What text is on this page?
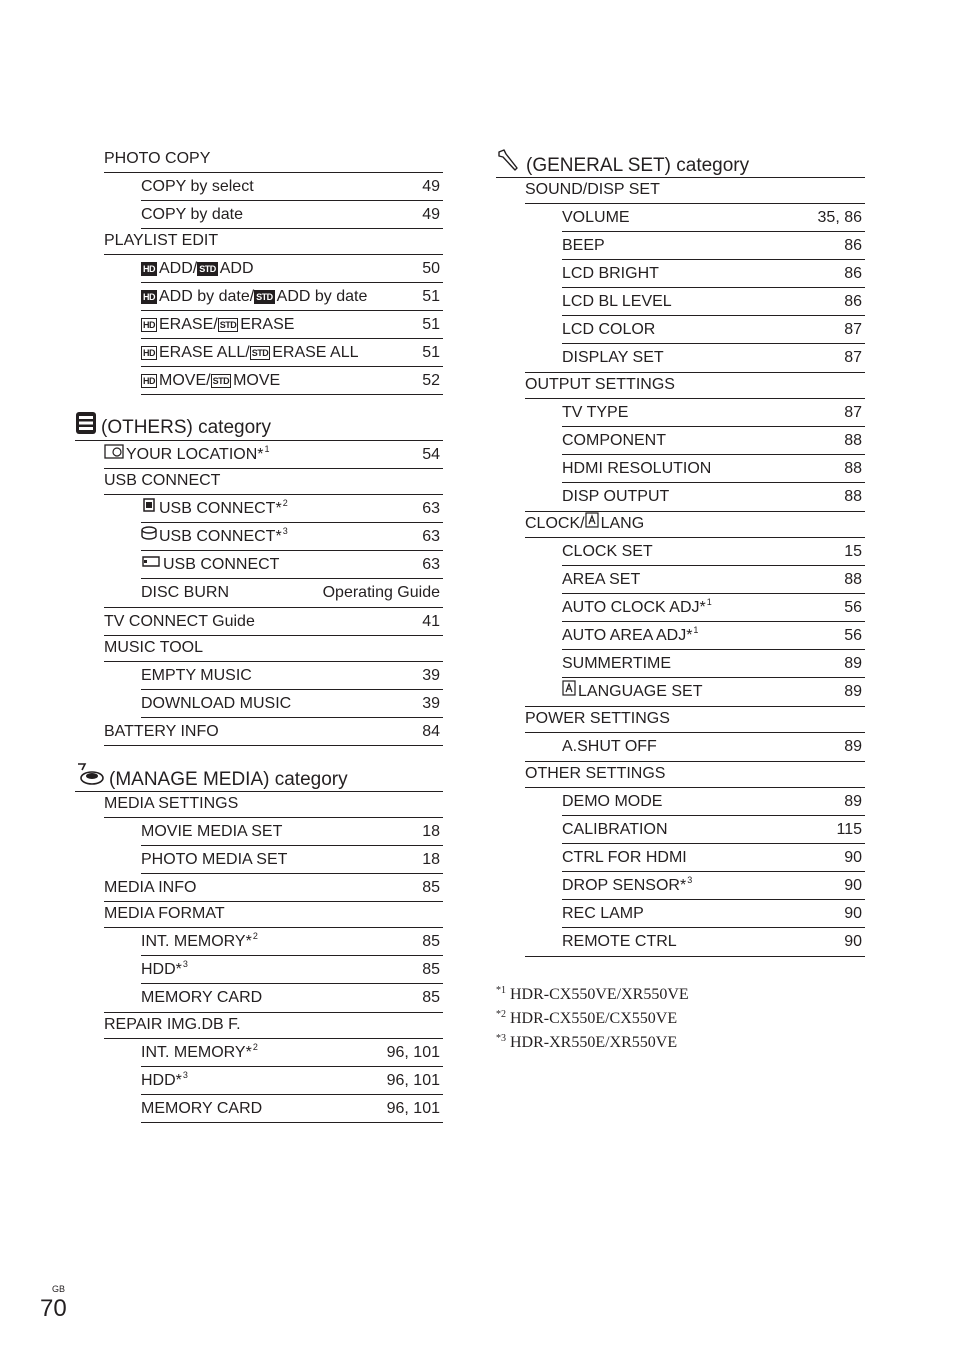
PHOTO COPY
COPY by select	49
COPY by date	49
PLAYLIST EDIT
HD ADD/ STD ADD	50
HD ADD by date/ STD ADD by date	51
HD ERASE/ STD ERASE	51
HD ERASE ALL/ STD ERASE ALL	51
HD MOVE/ STD MOVE	52
(OTHERS) category
YOUR LOCATION*$^1$	54
USB CONNECT
USB CONNECT*$^2$	63
USB CONNECT*$^3$	63
USB CONNECT	63
DISC BURN	Operating Guide
TV CONNECT Guide	41
MUSIC TOOL
EMPTY MUSIC	39
DOWNLOAD MUSIC	39
BATTERY INFO	84
(MANAGE MEDIA) category
MEDIA SETTINGS
MOVIE MEDIA SET	18
PHOTO MEDIA SET	18
MEDIA INFO	85
MEDIA FORMAT
INT. MEMORY*$^2$	85
HDD*$^3$	85
MEMORY CARD	85
REPAIR IMG.DB F.
INT. MEMORY*$^2$	96, 101
HDD*$^3$	96, 101
MEMORY CARD	96, 101
(GENERAL SET) category
SOUND/DISP SET
VOLUME	35, 86
BEEP	86
LCD BRIGHT	86
LCD BL LEVEL	86
LCD COLOR	87
DISPLAY SET	87
OUTPUT SETTINGS
TV TYPE	87
COMPONENT	88
HDMI RESOLUTION	88
DISP OUTPUT	88
CLOCK/ LANG
CLOCK SET	15
AREA SET	88
AUTO CLOCK ADJ*$^1$	56
AUTO AREA ADJ*$^1$	56
SUMMERTIME	89
LANGUAGE SET	89
POWER SETTINGS
A.SHUT OFF	89
OTHER SETTINGS
DEMO MODE	89
CALIBRATION	115
CTRL FOR HDMI	90
DROP SENSOR*$^3$	90
REC LAMP	90
REMOTE CTRL	90
$^{*1}$ HDR-CX550VE/XR550VE
$^{*2}$ HDR-CX550E/CX550VE
$^{*3}$ HDR-XR550E/XR550VE
GB
70
